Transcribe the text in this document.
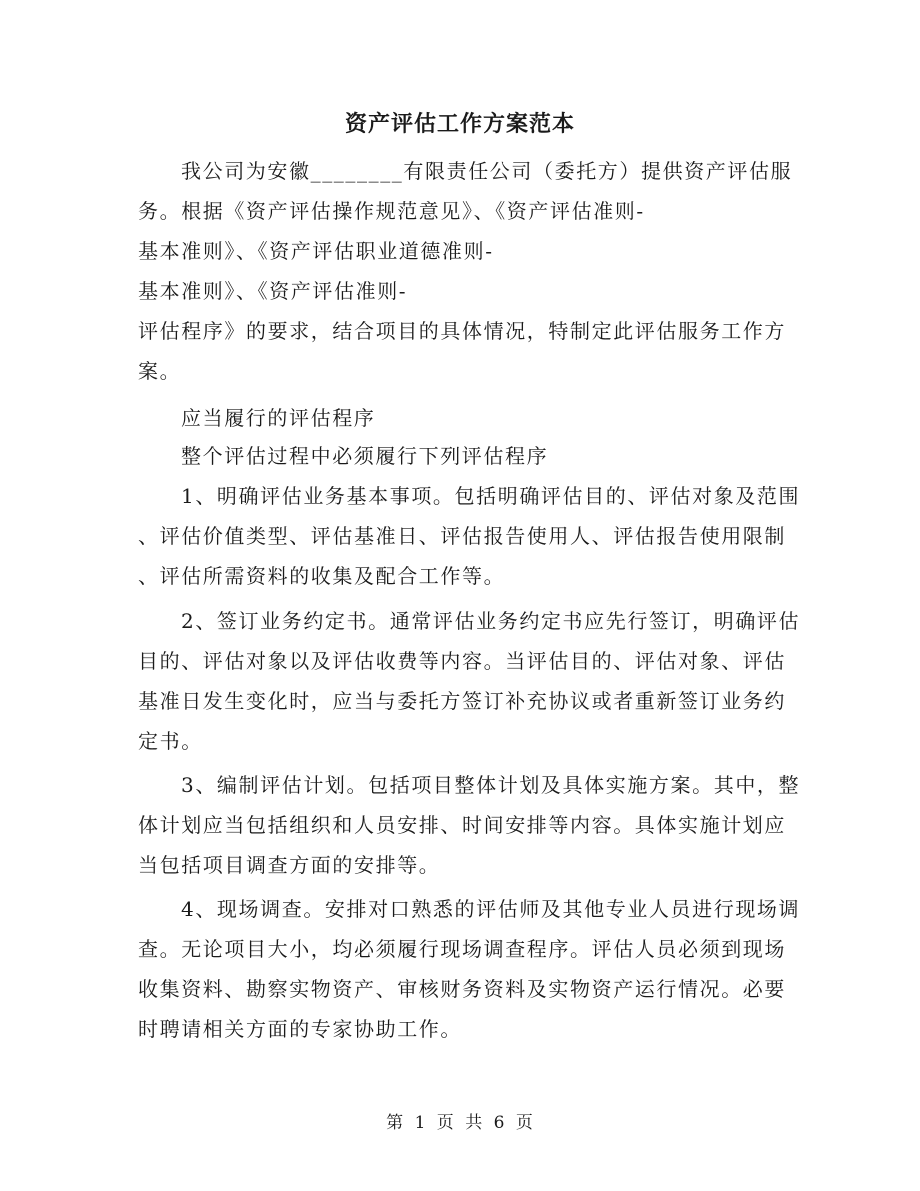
资产评估工作方案范本
我公司为安徽________有限责任公司（委托方）提供资产评估服
务。根据《资产评估操作规范意见》、《资产评估准则-
基本准则》、《资产评估职业道德准则-
基本准则》、《资产评估准则-
评估程序》的要求，结合项目的具体情况，特制定此评估服务工作方
案。
应当履行的评估程序
整个评估过程中必须履行下列评估程序
1、明确评估业务基本事项。包括明确评估目的、评估对象及范围
、评估价值类型、评估基准日、评估报告使用人、评估报告使用限制
、评估所需资料的收集及配合工作等。
2、签订业务约定书。通常评估业务约定书应先行签订，明确评估
目的、评估对象以及评估收费等内容。当评估目的、评估对象、评估
基准日发生变化时，应当与委托方签订补充协议或者重新签订业务约
定书。
3、编制评估计划。包括项目整体计划及具体实施方案。其中，整
体计划应当包括组织和人员安排、时间安排等内容。具体实施计划应
当包括项目调查方面的安排等。
4、现场调查。安排对口熟悉的评估师及其他专业人员进行现场调
查。无论项目大小，均必须履行现场调查程序。评估人员必须到现场
收集资料、勘察实物资产、审核财务资料及实物资产运行情况。必要
时聘请相关方面的专家协助工作。
第 1 页 共 6 页
